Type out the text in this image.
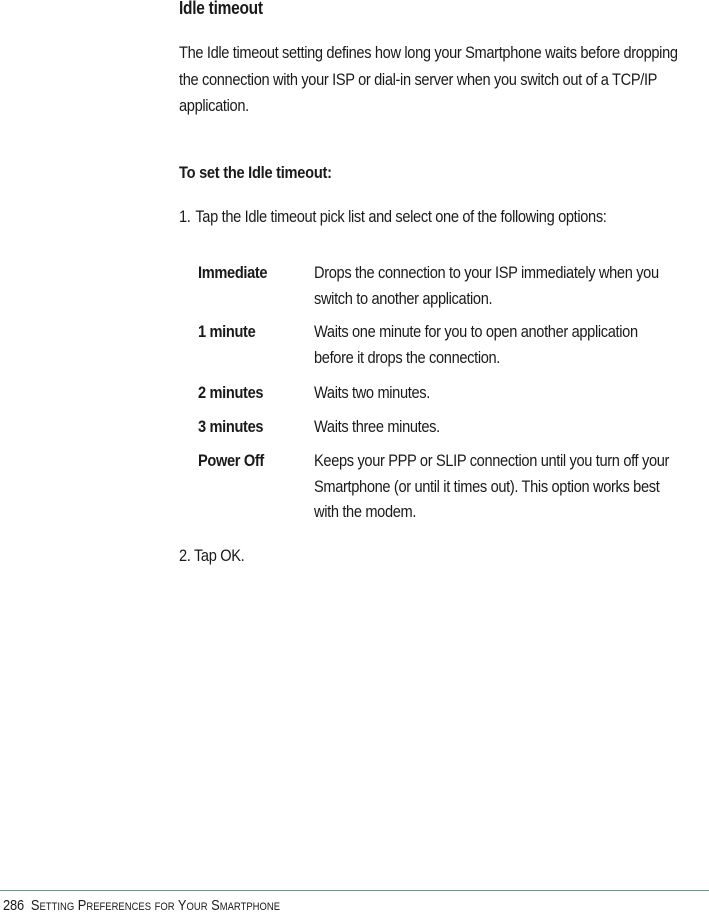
Idle timeout
The Idle timeout setting defines how long your Smartphone waits before dropping the connection with your ISP or dial-in server when you switch out of a TCP/IP application.
To set the Idle timeout:
1. Tap the Idle timeout pick list and select one of the following options:
Immediate	Drops the connection to your ISP immediately when you switch to another application.
1 minute	Waits one minute for you to open another application before it drops the connection.
2 minutes	Waits two minutes.
3 minutes	Waits three minutes.
Power Off	Keeps your PPP or SLIP connection until you turn off your Smartphone (or until it times out). This option works best with the modem.
2. Tap OK.
286 Setting Preferences for Your Smartphone
